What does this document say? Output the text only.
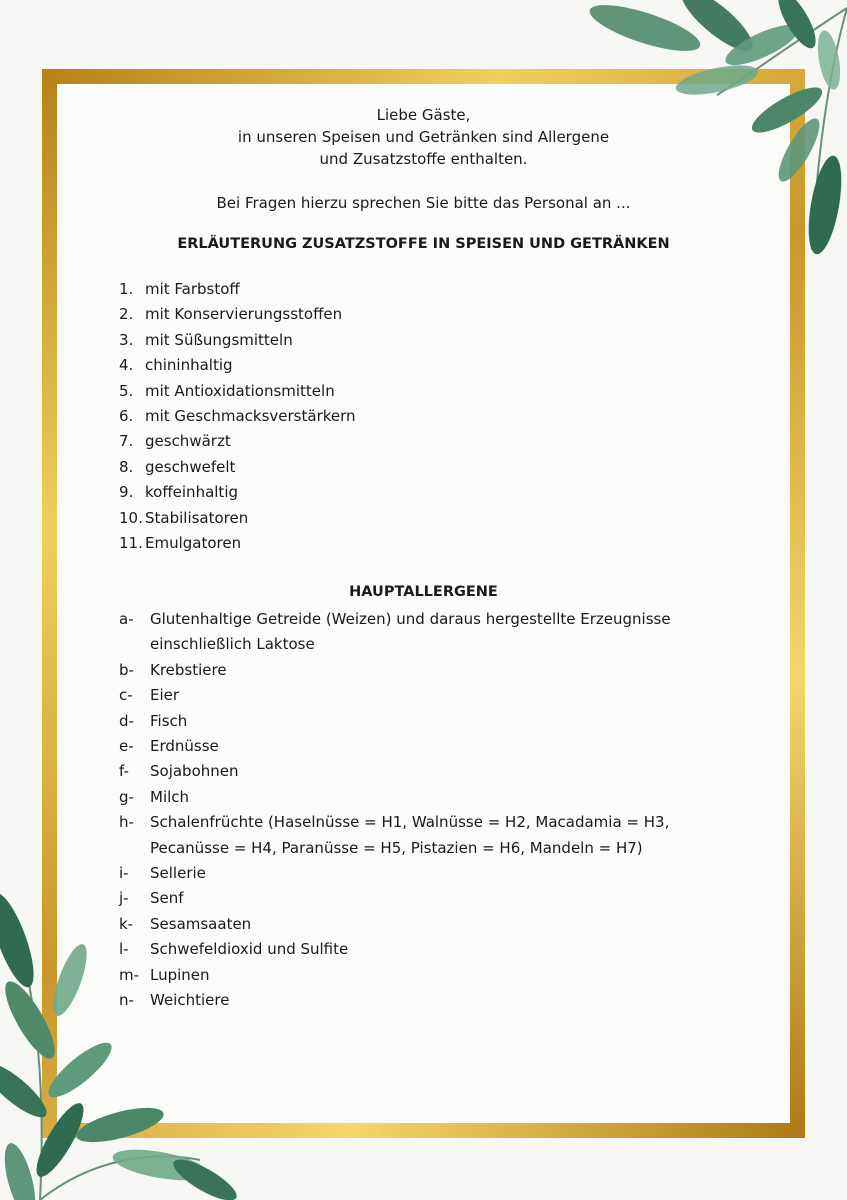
Liebe Gäste,
in unseren Speisen und Getränken sind Allergene
und Zusatzstoffe enthalten.
Bei Fragen hierzu sprechen Sie bitte das Personal an ...
ERLÄUTERUNG ZUSATZSTOFFE IN SPEISEN UND GETRÄNKEN
1. mit Farbstoff
2. mit Konservierungsstoffen
3. mit Süßungsmitteln
4. chininhaltig
5. mit Antioxidationsmitteln
6. mit Geschmacksverstärkern
7. geschwärzt
8. geschwefelt
9. koffeinhaltig
10. Stabilisatoren
11. Emulgatoren
HAUPTALLERGENE
a-	Glutenhaltige Getreide (Weizen) und daraus hergestellte Erzeugnisse einschließlich Laktose
b-	Krebstiere
c-	Eier
d-	Fisch
e-	Erdnüsse
f-	Sojabohnen
g-	Milch
h-	Schalenfrüchte (Haselnüsse = H1, Walnüsse = H2, Macadamia = H3, Pecanüsse = H4, Paranüsse = H5, Pistazien = H6, Mandeln = H7)
i-	Sellerie
j-	Senf
k-	Sesamsaaten
l-	Schwefeldioxid und Sulfite
m- Lupinen
n-	Weichtiere
